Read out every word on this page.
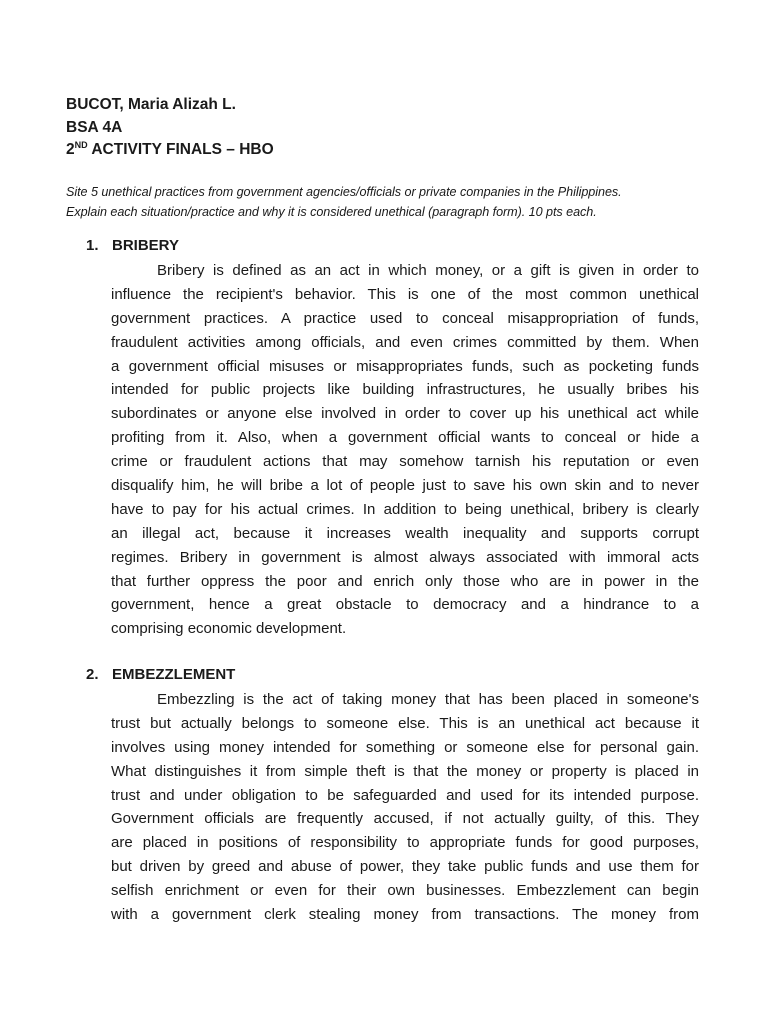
BUCOT, Maria Alizah L.
BSA 4A
2ND ACTIVITY FINALS – HBO
Site 5 unethical practices from government agencies/officials or private companies in the Philippines.
Explain each situation/practice and why it is considered unethical (paragraph form). 10 pts each.
1. BRIBERY
Bribery is defined as an act in which money, or a gift is given in order to
influence the recipient's behavior. This is one of the most common unethical
government practices. A practice used to conceal misappropriation of funds,
fraudulent activities among officials, and even crimes committed by them. When
a government official misuses or misappropriates funds, such as pocketing funds
intended for public projects like building infrastructures, he usually bribes his
subordinates or anyone else involved in order to cover up his unethical act while
profiting from it. Also, when a government official wants to conceal or hide a
crime or fraudulent actions that may somehow tarnish his reputation or even
disqualify him, he will bribe a lot of people just to save his own skin and to never
have to pay for his actual crimes. In addition to being unethical, bribery is clearly
an illegal act, because it increases wealth inequality and supports corrupt
regimes. Bribery in government is almost always associated with immoral acts
that further oppress the poor and enrich only those who are in power in the
government, hence a great obstacle to democracy and a hindrance to a
comprising economic development.
2. EMBEZZLEMENT
Embezzling is the act of taking money that has been placed in someone's
trust but actually belongs to someone else. This is an unethical act because it
involves using money intended for something or someone else for personal gain.
What distinguishes it from simple theft is that the money or property is placed in
trust and under obligation to be safeguarded and used for its intended purpose.
Government officials are frequently accused, if not actually guilty, of this. They
are placed in positions of responsibility to appropriate funds for good purposes,
but driven by greed and abuse of power, they take public funds and use them for
selfish enrichment or even for their own businesses. Embezzlement can begin
with a government clerk stealing money from transactions. The money from
